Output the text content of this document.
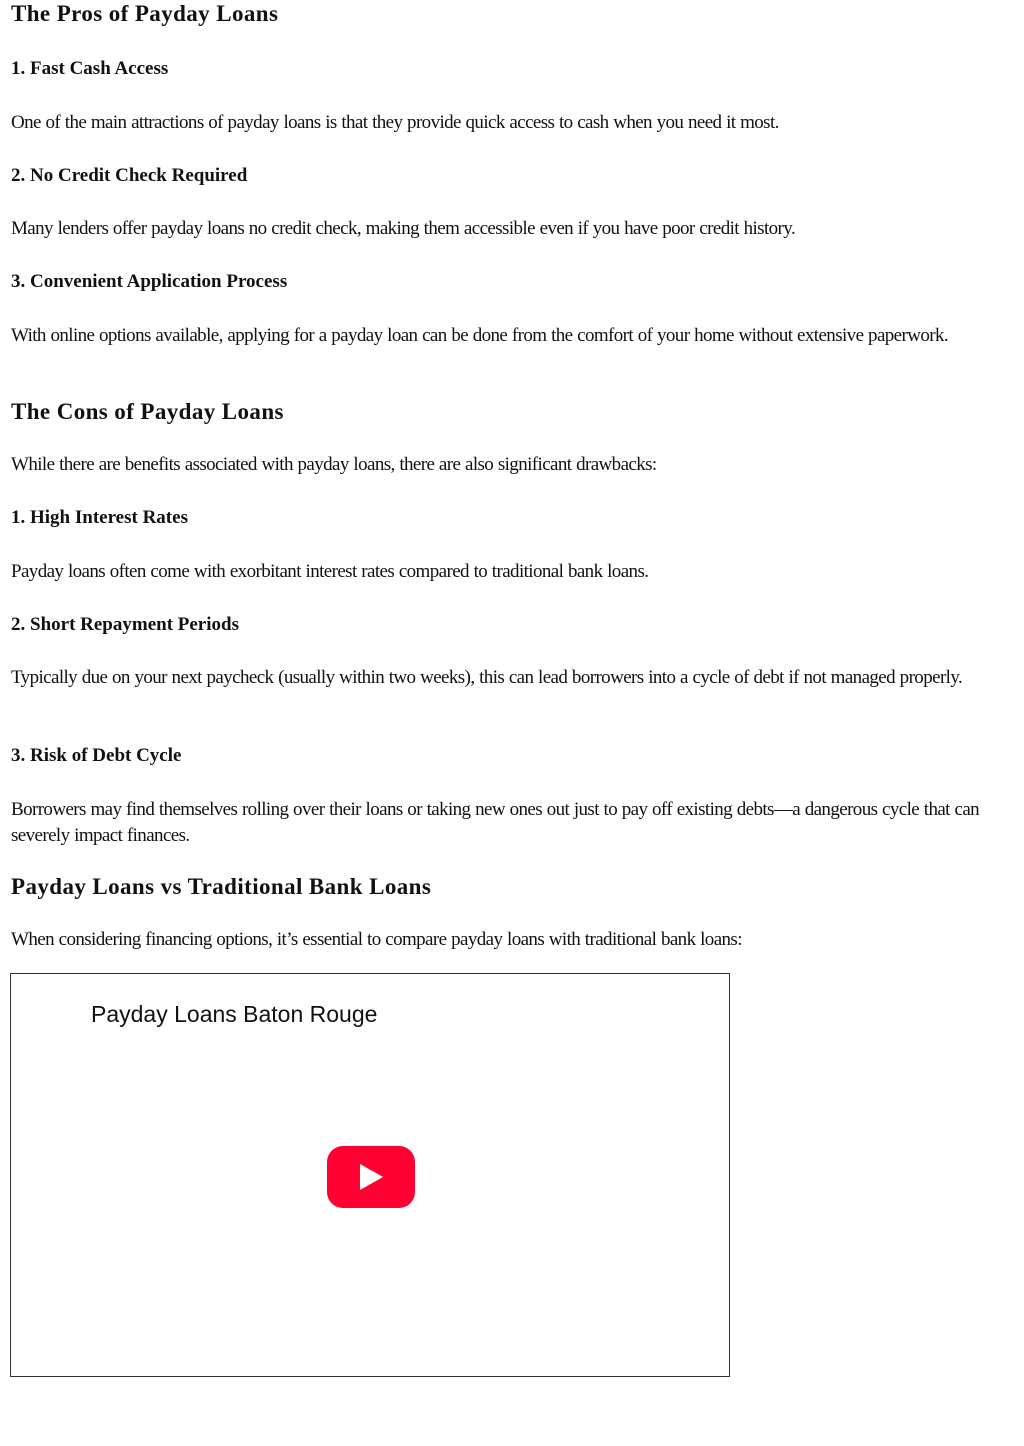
The Pros of Payday Loans
1. Fast Cash Access

One of the main attractions of payday loans is that they provide quick access to cash when you need it most.

2. No Credit Check Required

Many lenders offer payday loans no credit check, making them accessible even if you have poor credit history.

3. Convenient Application Process

With online options available, applying for a payday loan can be done from the comfort of your home without extensive paperwork.

The Cons of Payday Loans

While there are benefits associated with payday loans, there are also significant drawbacks:

1. High Interest Rates

Payday loans often come with exorbitant interest rates compared to traditional bank loans.

2. Short Repayment Periods

Typically due on your next paycheck (usually within two weeks), this can lead borrowers into a cycle of debt if not managed properly.

3. Risk of Debt Cycle

Borrowers may find themselves rolling over their loans or taking new ones out just to pay off existing debts—a dangerous cycle that can severely impact finances.

Payday Loans vs Traditional Bank Loans

When considering financing options, it’s essential to compare payday loans with traditional bank loans:

Payday Loans Baton Rouge
